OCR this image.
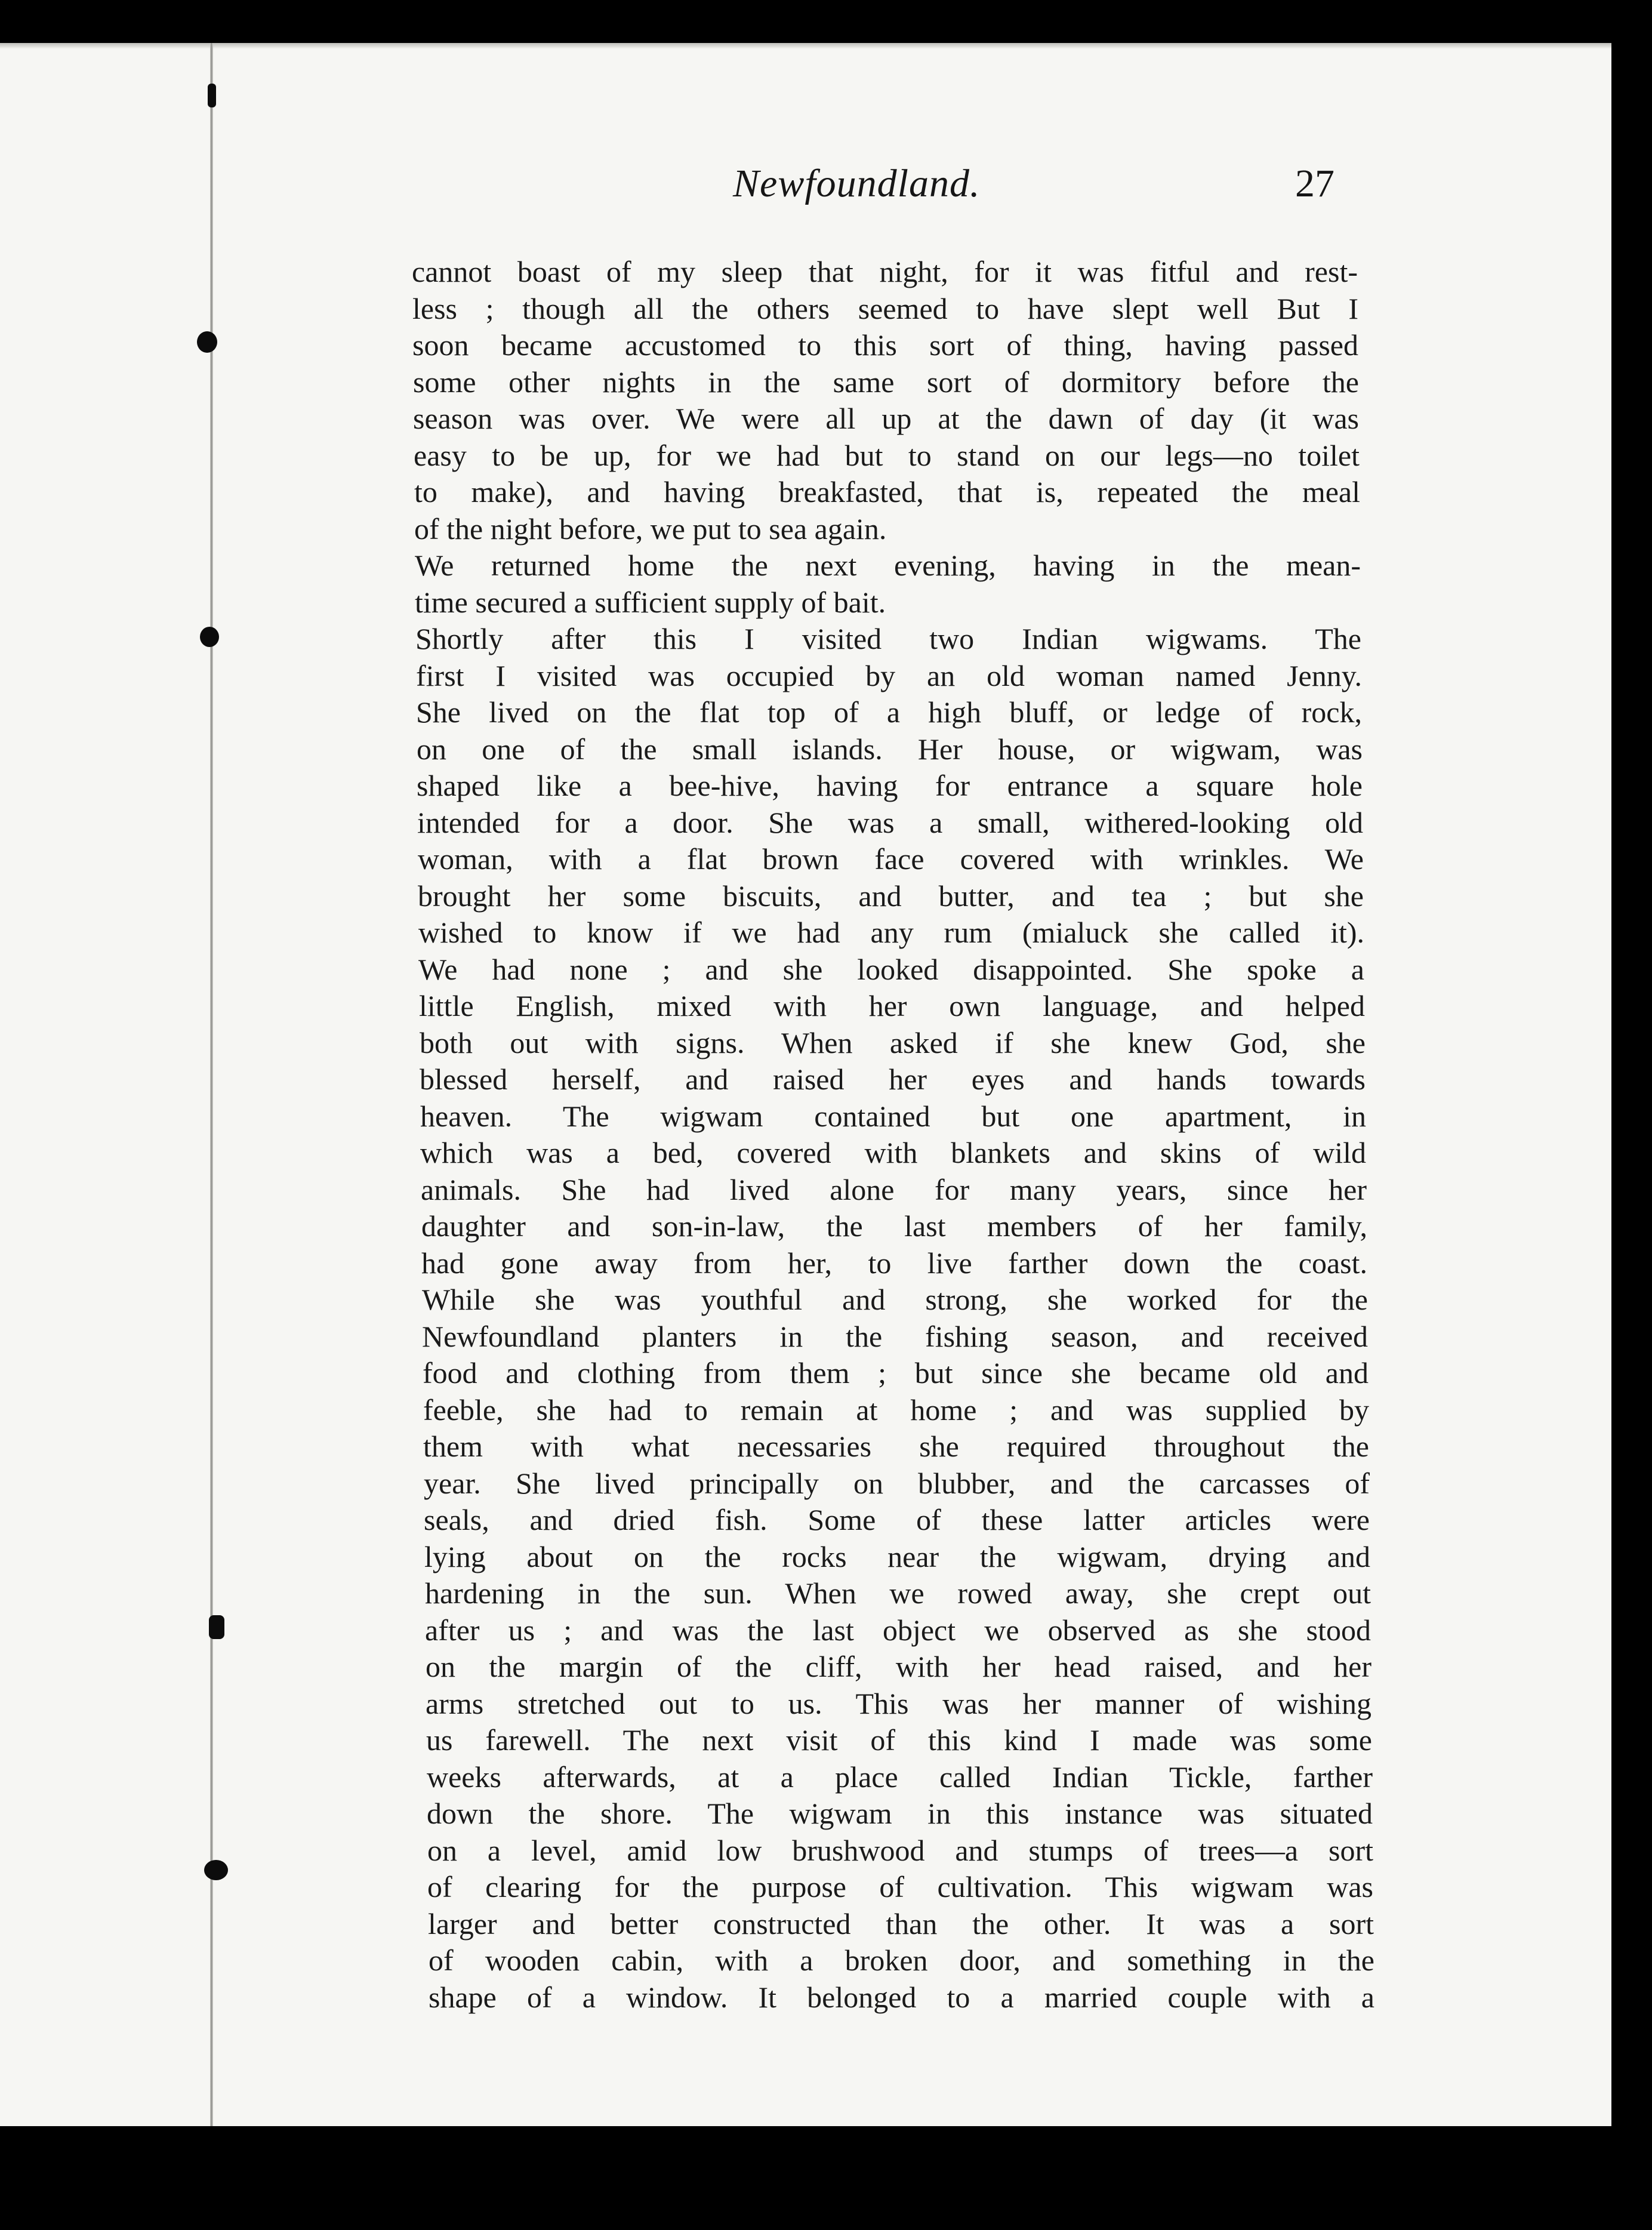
Newfoundland.	27
cannot boast of my sleep that night, for it was fitful and rest-
less ; though all the others seemed to have slept well But I
soon became accustomed to this sort of thing, having passed
some other nights in the same sort of dormitory before the
season was over. We were all up at the dawn of day (it was
easy to be up, for we had but to stand on our legs—no toilet
to make), and having breakfasted, that is, repeated the meal
of the night before, we put to sea again.
We returned home the next evening, having in the mean-
time secured a sufficient supply of bait.
Shortly after this I visited two Indian wigwams. The
first I visited was occupied by an old woman named Jenny.
She lived on the flat top of a high bluff, or ledge of rock,
on one of the small islands. Her house, or wigwam, was
shaped like a bee-hive, having for entrance a square hole
intended for a door. She was a small, withered-looking old
woman, with a flat brown face covered with wrinkles. We
brought her some biscuits, and butter, and tea ; but she
wished to know if we had any rum (mialuck she called it).
We had none ; and she looked disappointed. She spoke a
little English, mixed with her own language, and helped
both out with signs. When asked if she knew God, she
blessed herself, and raised her eyes and hands towards
heaven. The wigwam contained but one apartment, in
which was a bed, covered with blankets and skins of wild
animals. She had lived alone for many years, since her
daughter and son-in-law, the last members of her family,
had gone away from her, to live farther down the coast.
While she was youthful and strong, she worked for the
Newfoundland planters in the fishing season, and received
food and clothing from them ; but since she became old and
feeble, she had to remain at home ; and was supplied by
them with what necessaries she required throughout the
year. She lived principally on blubber, and the carcasses of
seals, and dried fish. Some of these latter articles were
lying about on the rocks near the wigwam, drying and
hardening in the sun. When we rowed away, she crept out
after us ; and was the last object we observed as she stood
on the margin of the cliff, with her head raised, and her
arms stretched out to us. This was her manner of wishing
us farewell. The next visit of this kind I made was some
weeks afterwards, at a place called Indian Tickle, farther
down the shore. The wigwam in this instance was situated
on a level, amid low brushwood and stumps of trees—a sort
of clearing for the purpose of cultivation. This wigwam was
larger and better constructed than the other. It was a sort
of wooden cabin, with a broken door, and something in the
shape of a window. It belonged to a married couple with a
